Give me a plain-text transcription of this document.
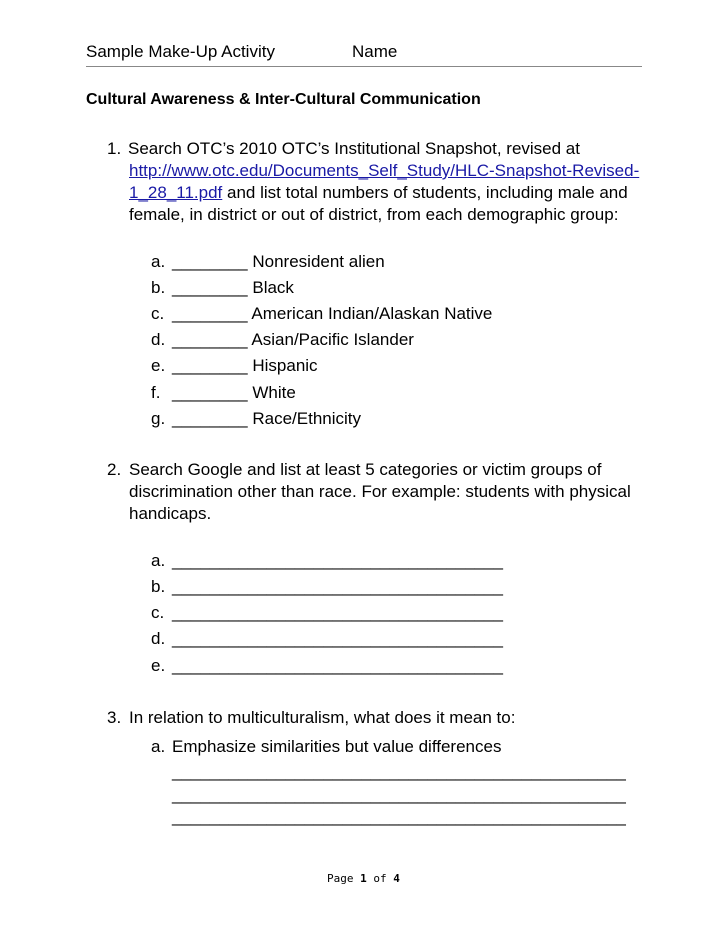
Sample Make-Up Activity	Name
Cultural Awareness & Inter-Cultural Communication
1. Search OTC’s 2010 OTC’s Institutional Snapshot, revised at
http://www.otc.edu/Documents_Self_Study/HLC-Snapshot-Revised-
1_28_11.pdf and list total numbers of students, including male and
female, in district or out of district, from each demographic group:
a. ________ Nonresident alien
b. ________ Black
c. ________ American Indian/Alaskan Native
d. ________ Asian/Pacific Islander
e. ________ Hispanic
f. ________ White
g. ________ Race/Ethnicity
2. Search Google and list at least 5 categories or victim groups of
discrimination other than race. For example: students with physical
handicaps.
a. ___________________________________
b. ___________________________________
c. ___________________________________
d. ___________________________________
e. ___________________________________
3. In relation to multiculturalism, what does it mean to:
a. Emphasize similarities but value differences
________________________________________________
________________________________________________
________________________________________________
Page 1 of 4
